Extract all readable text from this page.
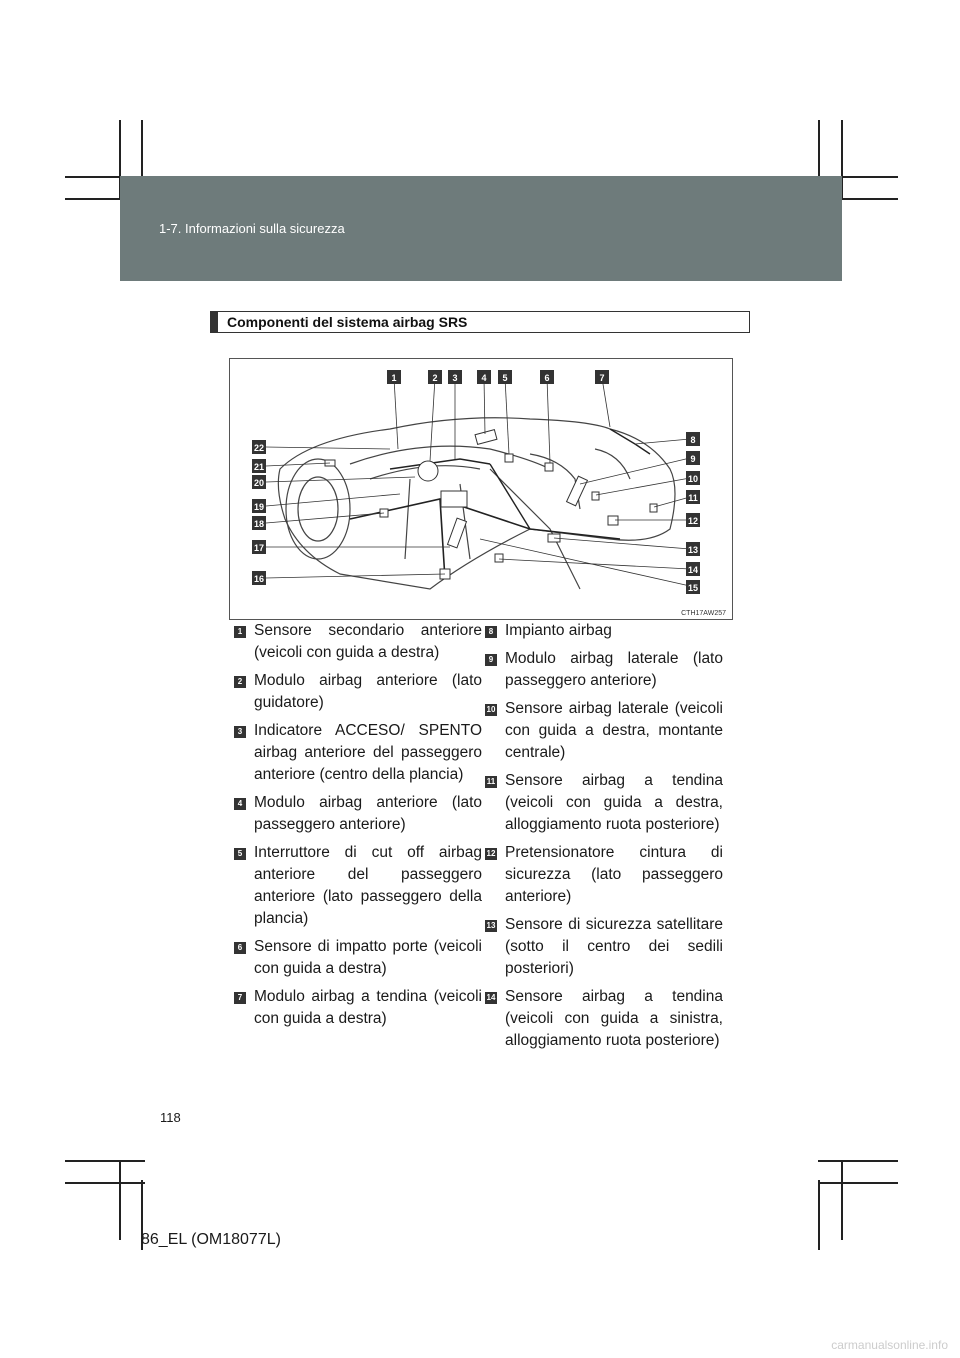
1-7. Informazioni sulla sicurezza
Componenti del sistema airbag SRS
1	2 3	4 5	6	7
8
9
10
11
12
13
14
15
16
17
18
19
20
21
22
CTH17AW257
1 Sensore secondario anteriore (veicoli con guida a destra)
2 Modulo airbag anteriore (lato guidatore)
3 Indicatore ACCESO/ SPENTO airbag anteriore del passeggero anteriore (centro della plancia)
4 Modulo airbag anteriore (lato passeggero anteriore)
5 Interruttore di cut off airbag anteriore del passeggero anteriore (lato passeggero della plancia)
6 Sensore di impatto porte (veicoli con guida a destra)
7 Modulo airbag a tendina (veicoli con guida a destra)
8 Impianto airbag
9 Modulo airbag laterale (lato passeggero anteriore)
10 Sensore airbag laterale (veicoli con guida a destra, montante centrale)
11 Sensore airbag a tendina (veicoli con guida a destra, alloggiamento ruota posteriore)
12 Pretensionatore cintura di sicurezza (lato passeggero anteriore)
13 Sensore di sicurezza satellitare (sotto il centro dei sedili posteriori)
14 Sensore airbag a tendina (veicoli con guida a sinistra, alloggiamento ruota posteriore)
118
86_EL (OM18077L)
carmanualsonline.info
